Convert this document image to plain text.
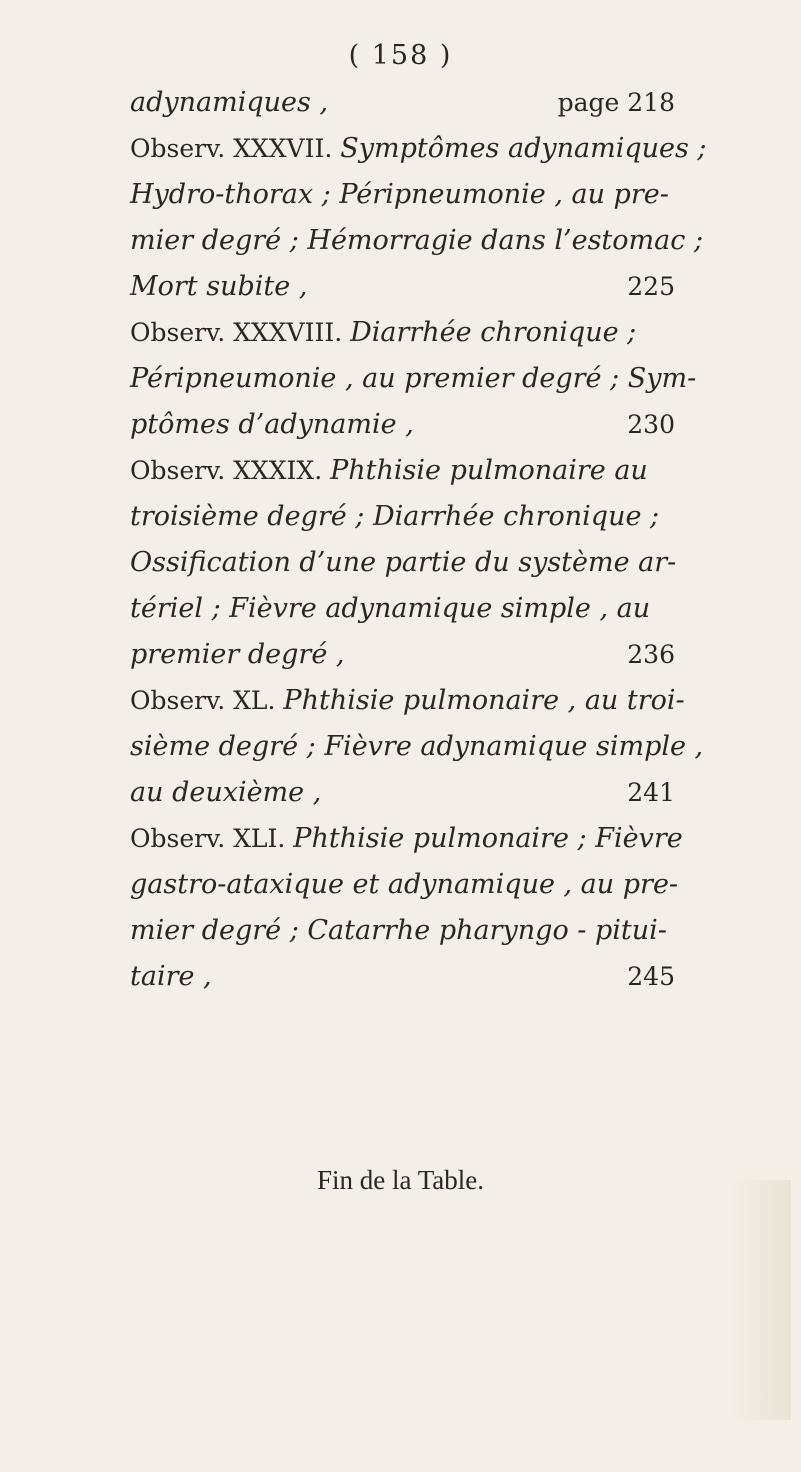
( 158 )
adynamiques ,	page 218
Observ. XXXVII. Symptômes adynamiques ;
Hydro-thorax ; Péripneumonie , au pre-
mier degré ; Hémorragie dans l’estomac ;
Mort subite ,	225
Observ. XXXVIII. Diarrhée chronique ;
Péripneumonie , au premier degré ; Sym-
ptômes d’adynamie ,	230
Observ. XXXIX. Phthisie pulmonaire au
troisième degré ; Diarrhée chronique ;
Ossification d’une partie du système ar-
tériel ; Fièvre adynamique simple , au
premier degré ,	236
Observ. XL. Phthisie pulmonaire , au troi-
sième degré ; Fièvre adynamique simple ,
au deuxième ,	241
Observ. XLI. Phthisie pulmonaire ; Fièvre
gastro-ataxique et adynamique , au pre-
mier degré ; Catarrhe pharyngo - pitui-
taire ,	245
Fin de la Table.
